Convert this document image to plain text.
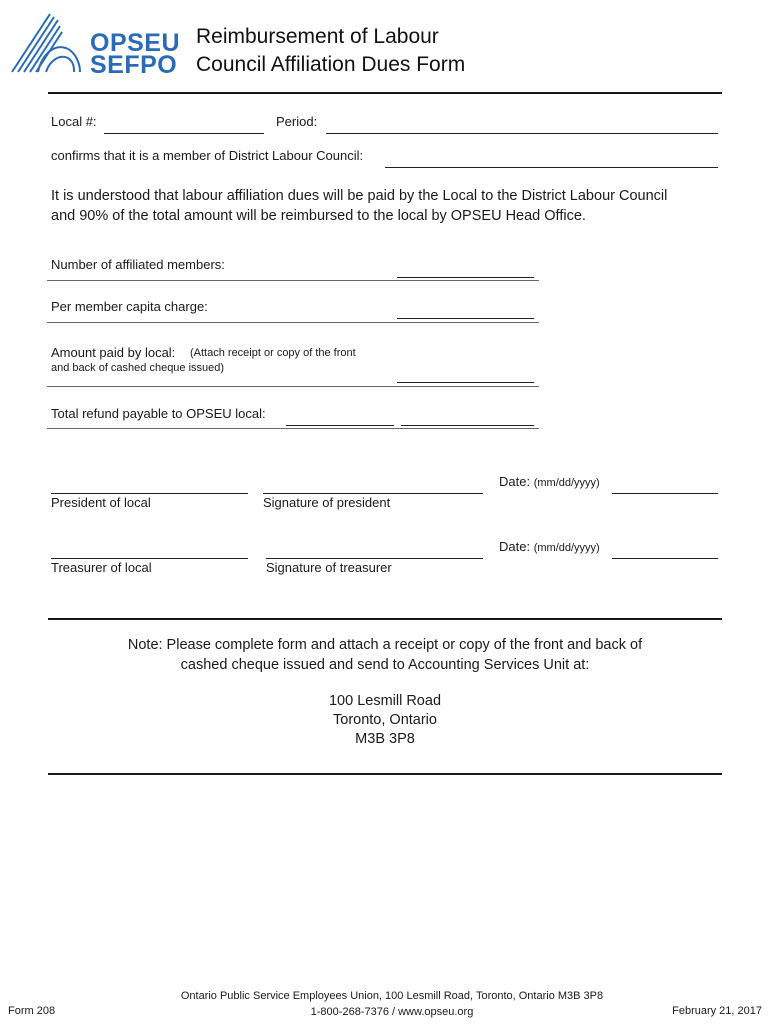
OPSEU
SEFPO
Reimbursement of Labour
Council Affiliation Dues Form
Local #:	Period:
confirms that it is a member of District Labour Council:
It is understood that labour affiliation dues will be paid by the Local to the District Labour Council
and 90% of the total amount will be reimbursed to the local by OPSEU Head Office.
Number of affiliated members:
Per member capita charge:
Amount paid by local: (Attach receipt or copy of the front
and back of cashed cheque issued)
Total refund payable to OPSEU local:
Date: (mm/dd/yyyy)
President of local	Signature of president
Date: (mm/dd/yyyy)
Treasurer of local	Signature of treasurer
Note: Please complete form and attach a receipt or copy of the front and back of
cashed cheque issued and send to Accounting Services Unit at:
100 Lesmill Road
Toronto, Ontario
M3B 3P8
Form 208
Ontario Public Service Employees Union, 100 Lesmill Road, Toronto, Ontario M3B 3P8
1-800-268-7376 / www.opseu.org	February 21, 2017
